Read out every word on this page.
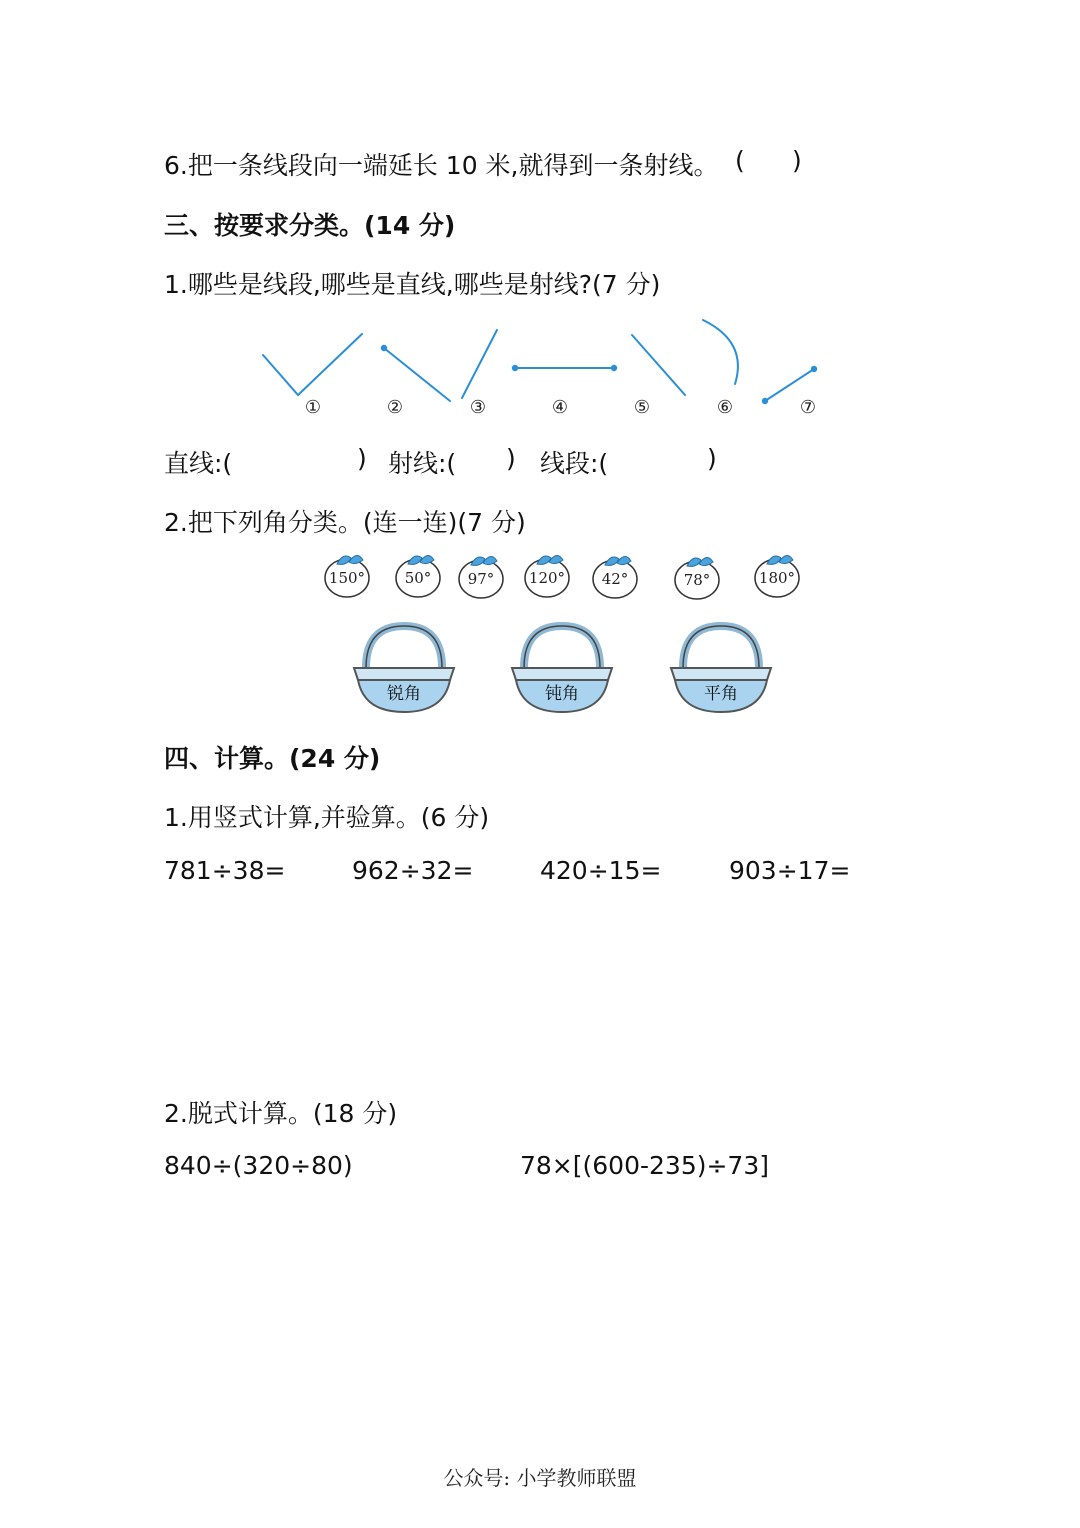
6.把一条线段向一端延长 10 米,就得到一条射线。 ( )
三、按要求分类。(14 分)
1.哪些是线段,哪些是直线,哪些是射线?(7 分)
①	②	③	④	⑤	⑥	⑦
直线:(	) 射线:( ) 线段:(	)
2.把下列角分类。(连一连)(7 分)
150°	50° 97° 120° 42°	78°	180°
锐角	钝角	平角
四、计算。(24 分)
1.用竖式计算,并验算。(6 分)
781÷38=	962÷32=	420÷15=	903÷17=
2.脱式计算。(18 分)
840÷(320÷80)	78×[(600-235)÷73]
公众号: 小学教师联盟
